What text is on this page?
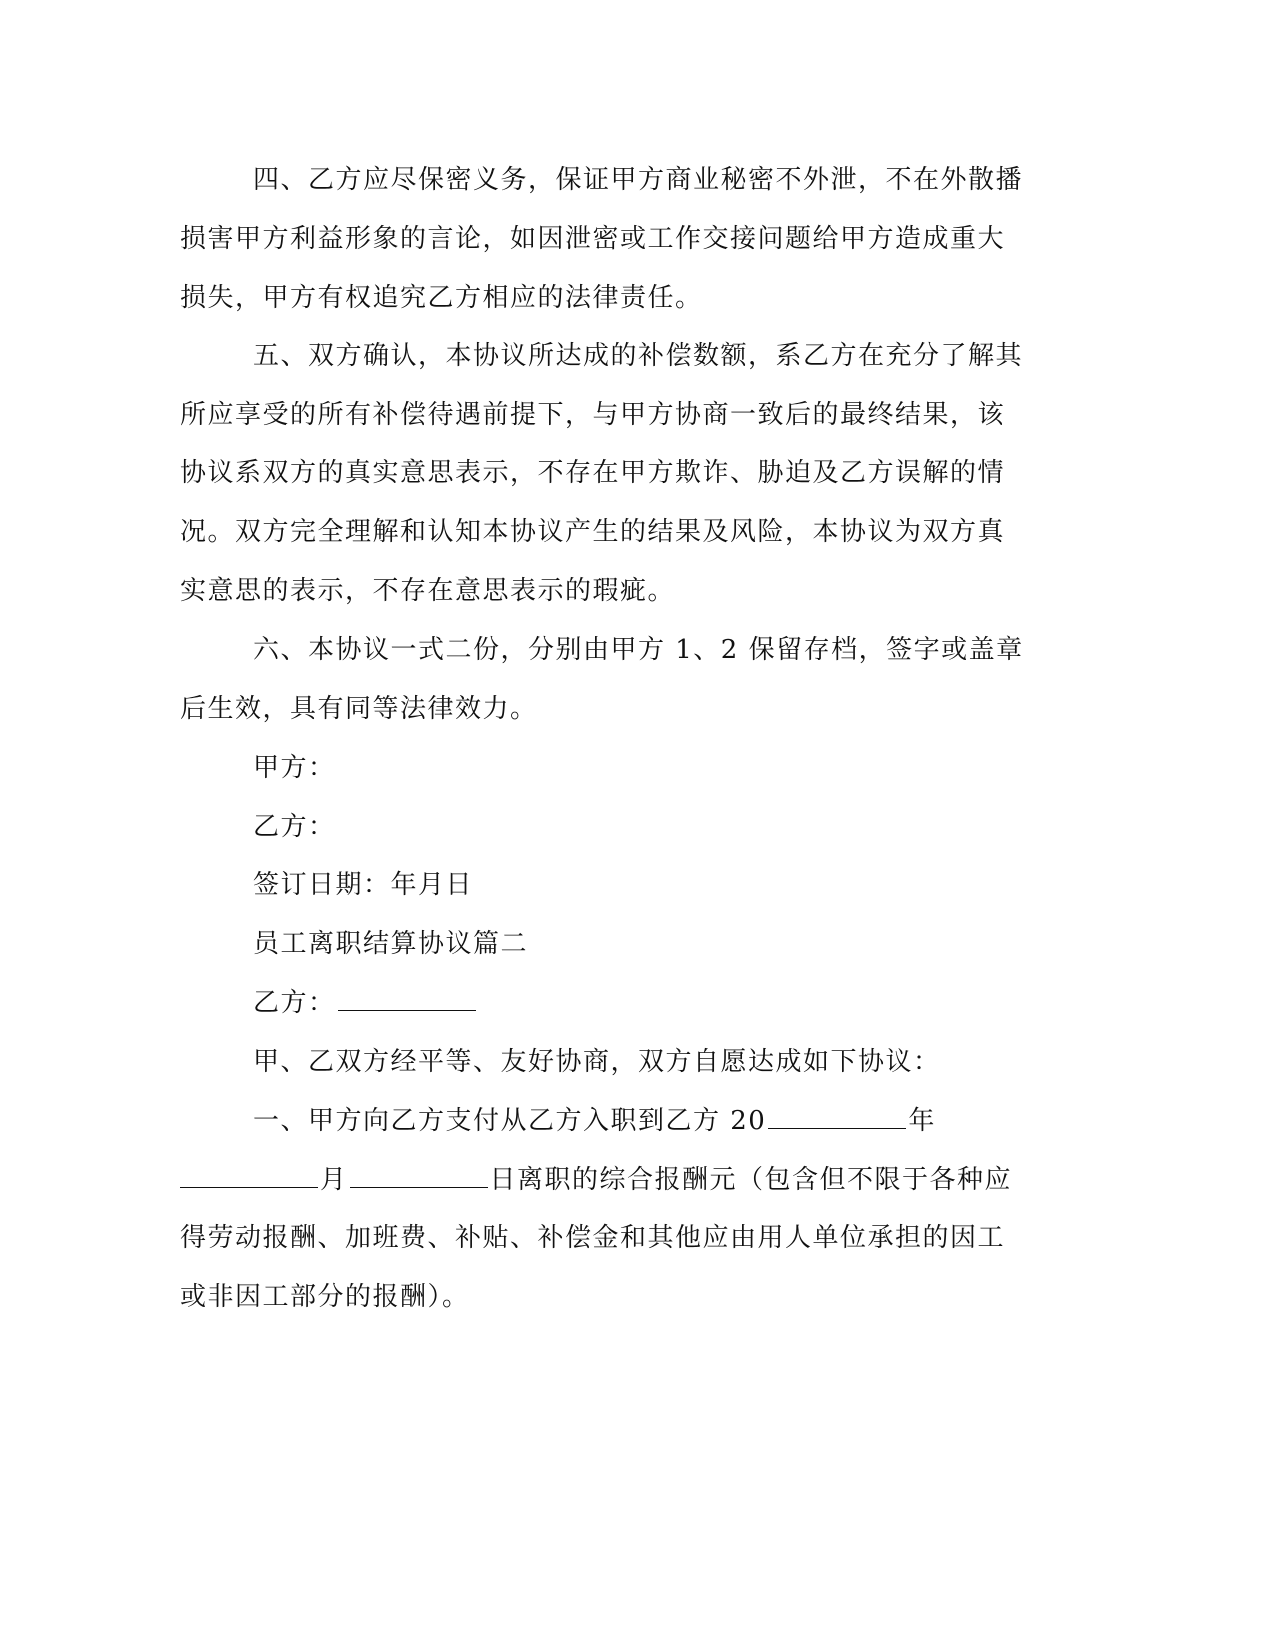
四、乙方应尽保密义务，保证甲方商业秘密不外泄，不在外散播
损害甲方利益形象的言论，如因泄密或工作交接问题给甲方造成重大
损失，甲方有权追究乙方相应的法律责任。
五、双方确认，本协议所达成的补偿数额，系乙方在充分了解其
所应享受的所有补偿待遇前提下，与甲方协商一致后的最终结果，该
协议系双方的真实意思表示，不存在甲方欺诈、胁迫及乙方误解的情
况。双方完全理解和认知本协议产生的结果及风险，本协议为双方真
实意思的表示，不存在意思表示的瑕疵。
六、本协议一式二份，分别由甲方 1、2 保留存档，签字或盖章
后生效，具有同等法律效力。
甲方：
乙方：
签订日期：年月日
员工离职结算协议篇二
乙方：
甲、乙双方经平等、友好协商，双方自愿达成如下协议：
一、甲方向乙方支付从乙方入职到乙方 20	年
月	日离职的综合报酬元（包含但不限于各种应
得劳动报酬、加班费、补贴、补偿金和其他应由用人单位承担的因工
或非因工部分的报酬）。
